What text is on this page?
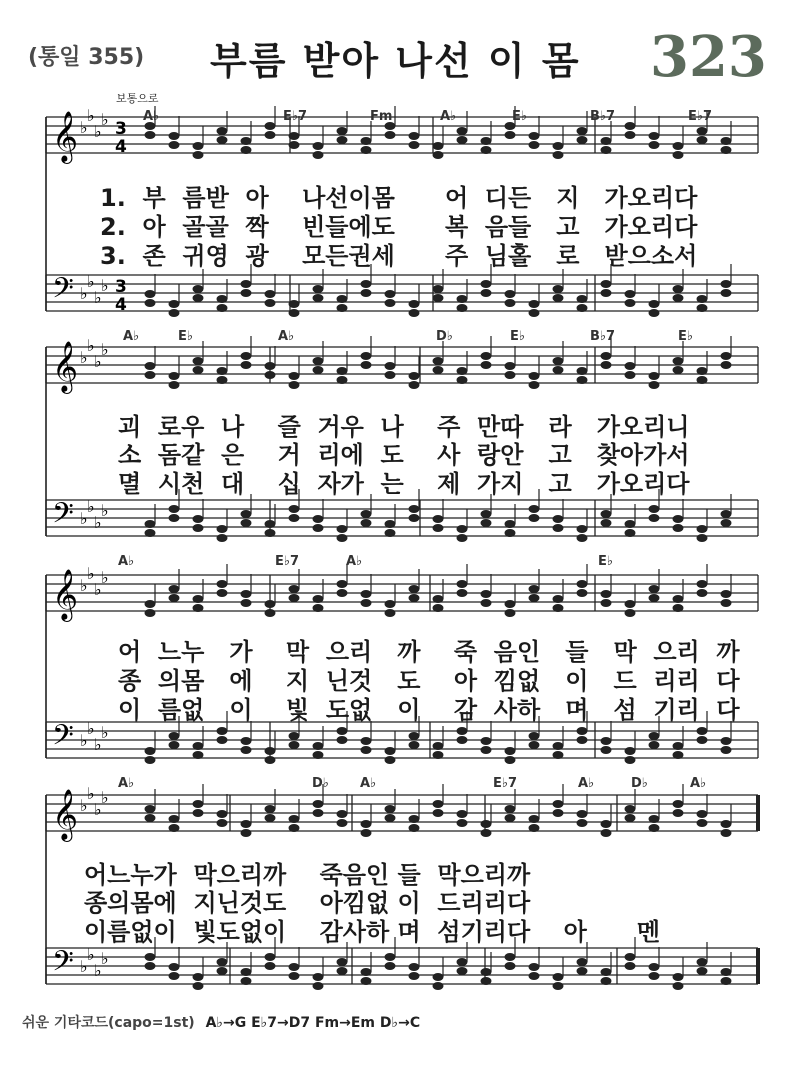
(통일 355) 부름 받아 나선 이 몸 323
보통으로
𝄞
𝄢
♭
♭
♭
♭
♭
♭
♭
♭
3
4
3
4
A♭	E♭7	Fm	A♭	E♭	B♭7	E♭7
𝄞
𝄢
♭
♭
♭
♭
♭
♭
♭
♭
A♭	E♭	A♭	D♭	E♭	B♭7	E♭
𝄞
𝄢
♭
♭
♭
♭
♭
♭
♭
♭
A♭	E♭7	A♭	E♭
𝄞
𝄢
♭
♭
♭
♭
♭
♭
♭
♭
A♭	D♭ A♭	E♭7	A♭	D♭	A♭
1.  부  름받  아    나선이몸      어  디든   지   가오리다
2.  아  골골  짝    빈들에도      복  음들   고   가오리다
3.  존  귀영  광    모든권세      주  님홀   로   받으소서
괴  로우  나    즐  거우  나    주  만따   라   가오리니
소  돔같  은    거  리에  도    사  랑안   고   찾아가서
멸  시천  대    십  자가  는    제  가지   고   가오리다
어  느누   가    막  으리   까    죽  음인   들   막  으리  까
종  의몸   에    지  닌것   도    아  낌없   이   드  리리  다
이  름없   이    빛  도없   이    감  사하   며   섬  기리  다
어느누가  막으리까    죽음인 들  막으리까
종의몸에  지닌것도    아낌없 이  드리리다
이름없이  빛도없이    감사하 며  섬기리다    아      멘
쉬운 기타코드(capo=1st) A♭→G E♭7→D7 Fm→Em D♭→C
